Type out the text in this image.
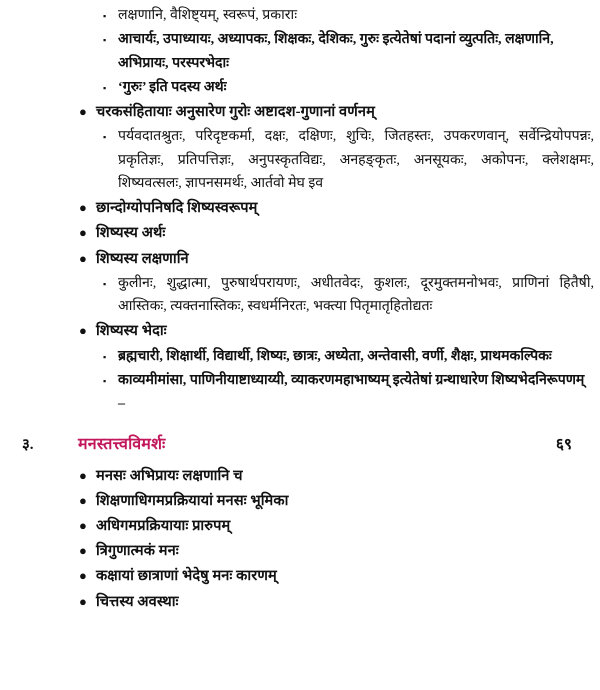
▪ लक्षणानि, वैशिष्ट्यम्, स्वरूपं, प्रकाराः
▪ आचार्यः, उपाध्यायः, अध्यापकः, शिक्षकः, देशिकः, गुरुः इत्येतेषां पदानां व्युत्पतिः, लक्षणानि, अभिप्रायः, परस्परभेदाः
▪ ‘गुरुः’ इति पदस्य अर्थः
● चरकसंहितायाः अनुसारेण गुरोः अष्टादश-गुणानां वर्णनम्
▪ पर्यवदातश्रुतः, परिदृष्टकर्मा, दक्षः, दक्षिणः, शुचिः, जितहस्तः, उपकरणवान्, सर्वेन्द्रियोपपन्नः, प्रकृतिज्ञः, प्रतिपत्तिज्ञः, अनुपस्कृतविद्यः, अनहङ्कृतः, अनसूयकः, अकोपनः, क्लेशक्षमः, शिष्यवत्सलः, ज्ञापनसमर्थः, आर्तवो मेघ इव
● छान्दोग्योपनिषदि शिष्यस्वरूपम्
● शिष्यस्य अर्थः
● शिष्यस्य लक्षणानि
▪ कुलीनः, शुद्धात्मा, पुरुषार्थपरायणः, अधीतवेदः, कुशलः, दूरमुक्तमनोभवः, प्राणिनां हितैषी, आस्तिकः, त्यक्तनास्तिकः, स्वधर्मनिरतः, भक्त्या पितृमातृहितोद्यतः
● शिष्यस्य भेदाः
▪ ब्रह्मचारी, शिक्षार्थी, विद्यार्थी, शिष्यः, छात्रः, अध्येता, अन्तेवासी, वर्णी, शैक्षः, प्राथमकल्पिकः
▪ काव्यमीमांसा, पाणिनीयाष्टाध्याय्यी, व्याकरणमहाभाष्यम् इत्येतेषां ग्रन्थाधारेण शिष्यभेदनिरूपणम् –
३.	मनस्तत्त्वविमर्शः	६९
● मनसः अभिप्रायः लक्षणानि च
● शिक्षणाधिगमप्रक्रियायां मनसः भूमिका
● अधिगमप्रक्रियायाः प्रारुपम्
● त्रिगुणात्मकं मनः
● कक्षायां छात्राणां भेदेषु मनः कारणम्
● चित्तस्य अवस्थाः
